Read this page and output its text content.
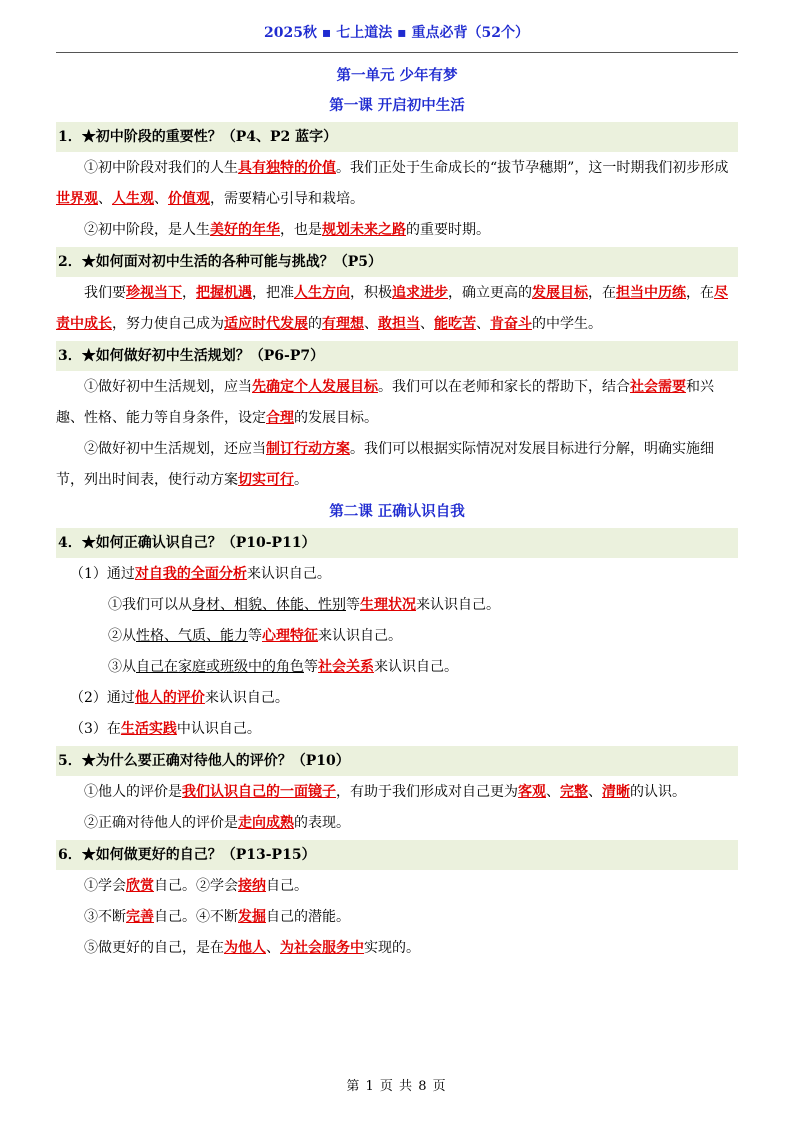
2025秋 ▪ 七上道法 ▪ 重点必背（52个）
第一单元 少年有梦
第一课 开启初中生活
1．★初中阶段的重要性？（P4、P2 蓝字）
①初中阶段对我们的人生具有独特的价值。我们正处于生命成长的“拔节孕穗期”，这一时期我们初步形成世界观、人生观、价值观，需要精心引导和栽培。
②初中阶段，是人生美好的年华，也是规划未来之路的重要时期。
2．★如何面对初中生活的各种可能与挑战？（P5）
我们要珍视当下，把握机遇，把准人生方向，积极追求进步，确立更高的发展目标，在担当中历练，在尽责中成长，努力使自己成为适应时代发展的有理想、敢担当、能吃苦、肯奋斗的中学生。
3．★如何做好初中生活规划？（P6-P7）
①做好初中生活规划，应当先确定个人发展目标。我们可以在老师和家长的帮助下，结合社会需要和兴趣、性格、能力等自身条件，设定合理的发展目标。
②做好初中生活规划，还应当制订行动方案。我们可以根据实际情况对发展目标进行分解，明确实施细节，列出时间表，使行动方案切实可行。
第二课 正确认识自我
4．★如何正确认识自己？（P10-P11）
（1）通过对自我的全面分析来认识自己。
①我们可以从身材、相貌、体能、性别等生理状况来认识自己。
②从性格、气质、能力等心理特征来认识自己。
③从自己在家庭或班级中的角色等社会关系来认识自己。
（2）通过他人的评价来认识自己。
（3）在生活实践中认识自己。
5．★为什么要正确对待他人的评价？（P10）
①他人的评价是我们认识自己的一面镜子，有助于我们形成对自己更为客观、完整、清晰的认识。
②正确对待他人的评价是走向成熟的表现。
6．★如何做更好的自己？（P13-P15）
①学会欣赏自己。②学会接纳自己。
③不断完善自己。④不断发掘自己的潜能。
⑤做更好的自己，是在为他人、为社会服务中实现的。
第 1 页 共 8 页
